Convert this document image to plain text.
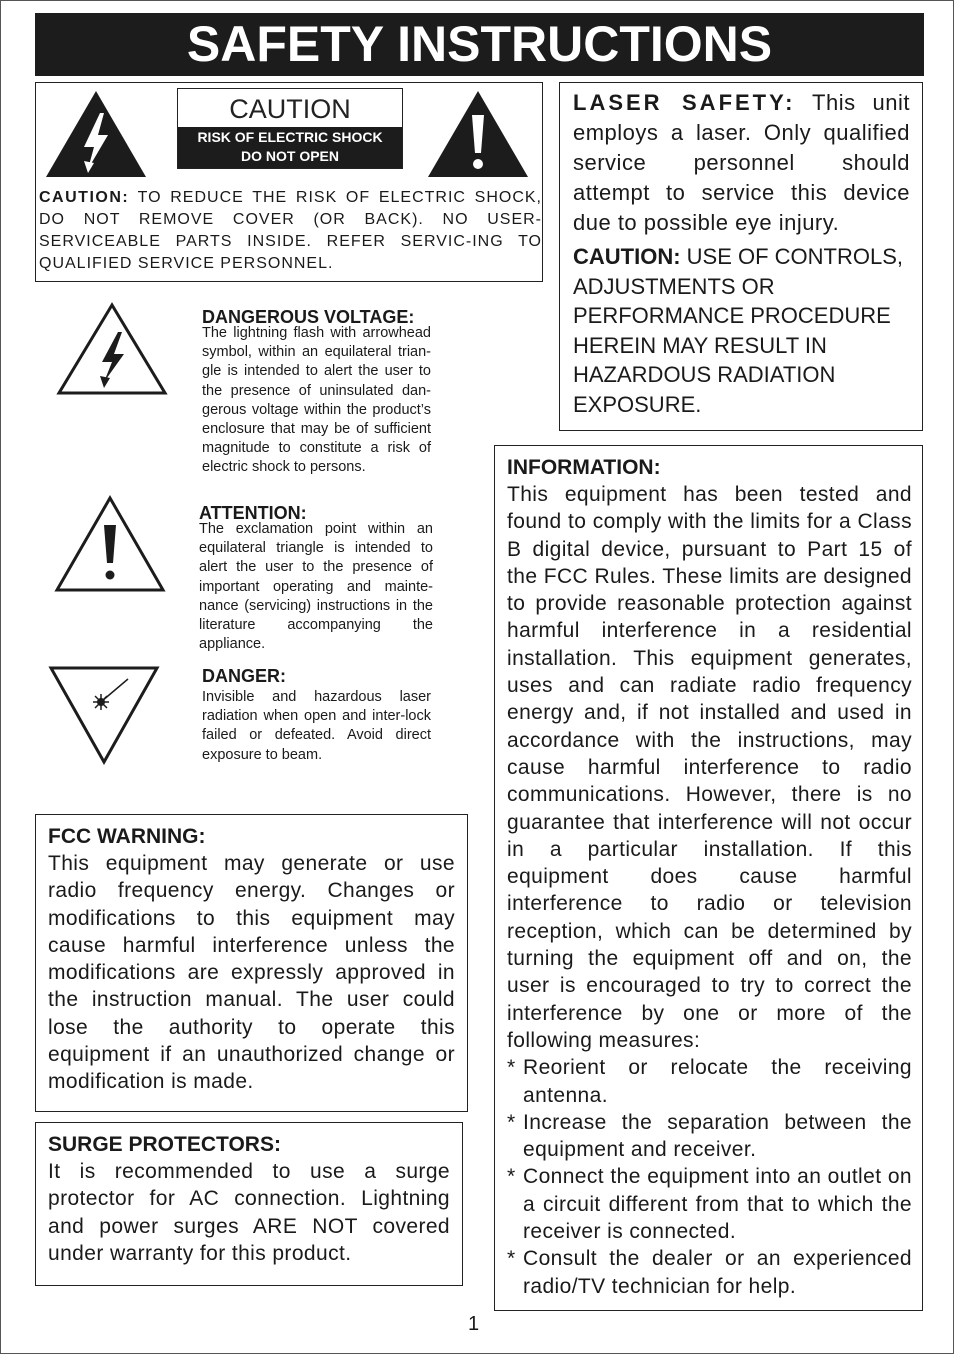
SAFETY INSTRUCTIONS
CAUTION
RISK OF ELECTRIC SHOCK
DO NOT OPEN
CAUTION: TO REDUCE THE RISK OF ELECTRIC SHOCK, DO NOT REMOVE COVER (OR BACK). NO USER-SERVICEABLE PARTS INSIDE. REFER SERVIC-ING TO QUALIFIED SERVICE PERSONNEL.
LASER SAFETY: This unit employs a laser. Only qualified service personnel should attempt to service this device due to possible eye injury.
CAUTION: USE OF CONTROLS, ADJUSTMENTS OR PERFORMANCE PROCEDURE HEREIN MAY RESULT IN HAZARDOUS RADIATION EXPOSURE.
DANGEROUS VOLTAGE:
The lightning flash with arrowhead symbol, within an equilateral trian-gle is intended to alert the user to the presence of uninsulated dan-gerous voltage within the product’s enclosure that may be of sufficient magnitude to constitute a risk of electric shock to persons.
ATTENTION:
The exclamation point within an equilateral triangle is intended to alert the user to the presence of important operating and mainte-nance (servicing) instructions in the literature accompanying the appliance.
DANGER:
Invisible and hazardous laser radiation when open and inter-lock failed or defeated. Avoid direct exposure to beam.
FCC WARNING:
This equipment may generate or use radio frequency energy. Changes or modifications to this equipment may cause harmful interference unless the modifications are expressly approved in the instruction manual. The user could lose the authority to operate this equipment if an unauthorized change or modification is made.
SURGE PROTECTORS:
It is recommended to use a surge protector for AC connection. Lightning and power surges ARE NOT covered under warranty for this product.
INFORMATION:
This equipment has been tested and found to comply with the limits for a Class B digital device, pursuant to Part 15 of the FCC Rules. These limits are designed to provide reasonable protection against harmful interference in a residential installation. This equipment generates, uses and can radiate radio frequency energy and, if not installed and used in accordance with the instructions, may cause harmful interference to radio communications. However, there is no guarantee that interference will not occur in a particular installation. If this equipment does cause harmful interference to radio or television reception, which can be determined by turning the equipment off and on, the user is encouraged to try to correct the interference by one or more of the following measures:
* Reorient or relocate the receiving antenna.
* Increase the separation between the equipment and receiver.
* Connect the equipment into an outlet on a circuit different from that to which the receiver is connected.
* Consult the dealer or an experienced radio/TV technician for help.
1
